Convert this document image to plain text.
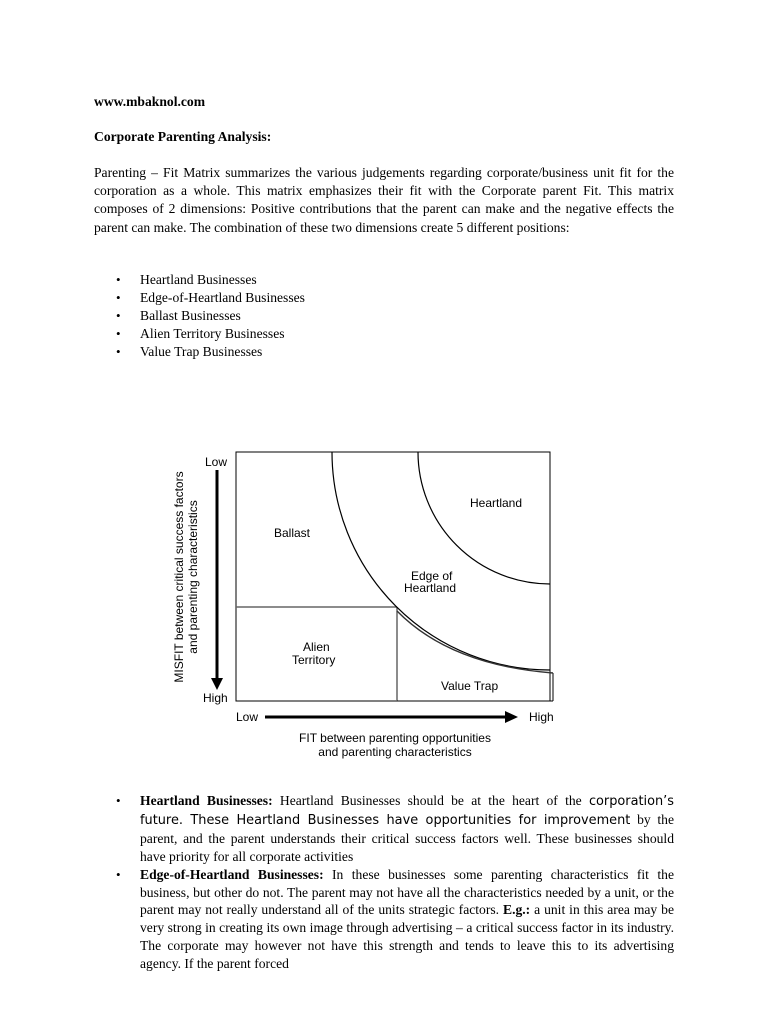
www.mbaknol.com
Corporate Parenting Analysis:
Parenting – Fit Matrix summarizes the various judgements regarding corporate/business unit fit for the corporation as a whole. This matrix emphasizes their fit with the Corporate parent Fit. This matrix composes of 2 dimensions: Positive contributions that the parent can make and the negative effects the parent can make. The combination of these two dimensions create 5 different positions:
• Heartland Businesses
• Edge-of-Heartland Businesses
• Ballast Businesses
• Alien Territory Businesses
• Value Trap Businesses
Heartland
Ballast
Edge of
Heartland
Alien
Territory
Value Trap
Low
High
MISFIT between critical success factors and parenting characteristics
Low	High
FIT between parenting opportunities
and parenting characteristics
• Heartland Businesses: Heartland Businesses should be at the heart of the corporation’s future. These Heartland Businesses have opportunities for improvement by the parent, and the parent understands their critical success factors well. These businesses should have priority for all corporate activities
• Edge-of-Heartland Businesses: In these businesses some parenting characteristics fit the business, but other do not. The parent may not have all the characteristics needed by a unit, or the parent may not really understand all of the units strategic factors. E.g.: a unit in this area may be very strong in creating its own image through advertising – a critical success factor in its industry. The corporate may however not have this strength and tends to leave this to its advertising agency. If the parent forced
